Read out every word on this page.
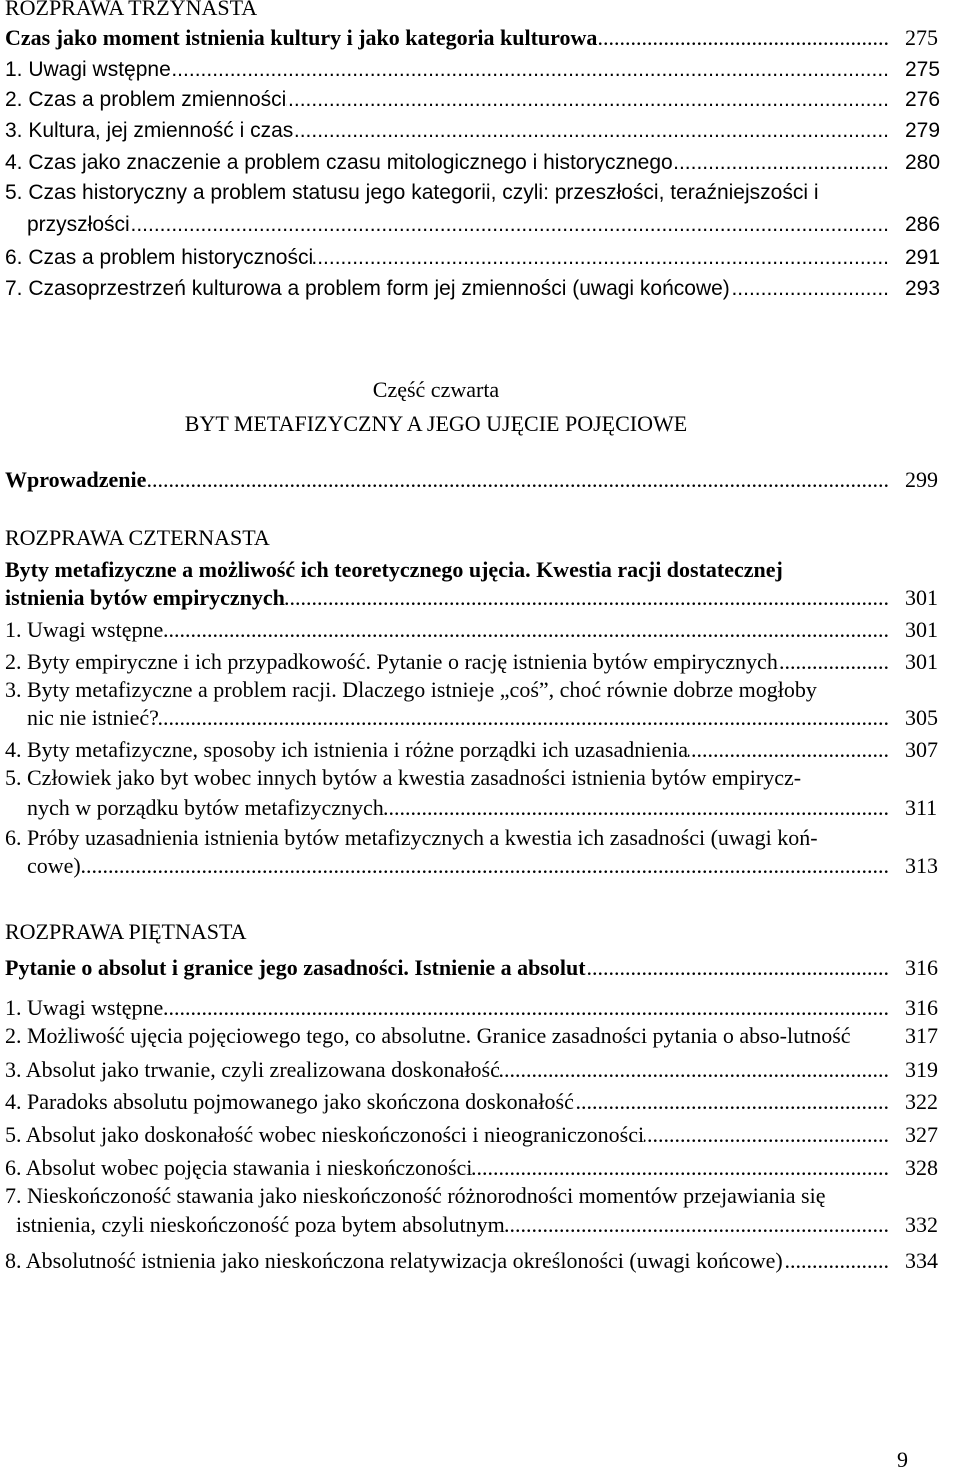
ROZPRAWA TRZYNASTA
Czas jako moment istnienia kultury i jako kategoria kulturowa .....	275
1. Uwagi wstępne .....	275
2. Czas a problem zmienności .....	276
3. Kultura, jej zmienność i czas .....	279
4. Czas jako znaczenie a problem czasu mitologicznego i historycznego .....	280
5. Czas historyczny a problem statusu jego kategorii, czyli: przeszłości, teraźniejszości i
przyszłości .....	286
6. Czas a problem historyczności .....	291
7. Czasoprzestrzeń kulturowa a problem form jej zmienności (uwagi końcowe) .....	293
Część czwarta
BYT METAFIZYCZNY A JEGO UJĘCIE POJĘCIOWE
Wprowadzenie .....	299
ROZPRAWA CZTERNASTA
Byty metafizyczne a możliwość ich teoretycznego ujęcia. Kwestia racji dostatecznej
istnienia bytów empirycznych .....	301
1. Uwagi wstępne .....	301
2. Byty empiryczne i ich przypadkowość. Pytanie o rację istnienia bytów empirycznych .....	301
3. Byty metafizyczne a problem racji. Dlaczego istnieje „coś”, choć równie dobrze mogłoby
nic nie istnieć? .....	305
4. Byty metafizyczne, sposoby ich istnienia i różne porządki ich uzasadnienia .....	307
5. Człowiek jako byt wobec innych bytów a kwestia zasadności istnienia bytów empirycz-
nych w porządku bytów metafizycznych .....	311
6. Próby uzasadnienia istnienia bytów metafizycznych a kwestia ich zasadności (uwagi koń-
cowe) .....	313
ROZPRAWA PIĘTNASTA
Pytanie o absolut i granice jego zasadności. Istnienie a absolut .....	316
1. Uwagi wstępne .....	316
2. Możliwość ujęcia pojęciowego tego, co absolutne. Granice zasadności pytania o abso-lutność 317
3. Absolut jako trwanie, czyli zrealizowana doskonałość .....	319
4. Paradoks absolutu pojmowanego jako skończona doskonałość .....	322
5. Absolut jako doskonałość wobec nieskończoności i nieograniczoności .....	327
6. Absolut wobec pojęcia stawania i nieskończoności .....	328
7. Nieskończoność stawania jako nieskończoność różnorodności momentów przejawiania się
istnienia, czyli nieskończoność poza bytem absolutnym .....	332
8. Absolutność istnienia jako nieskończona relatywizacja określoności (uwagi końcowe) .....	334
9
